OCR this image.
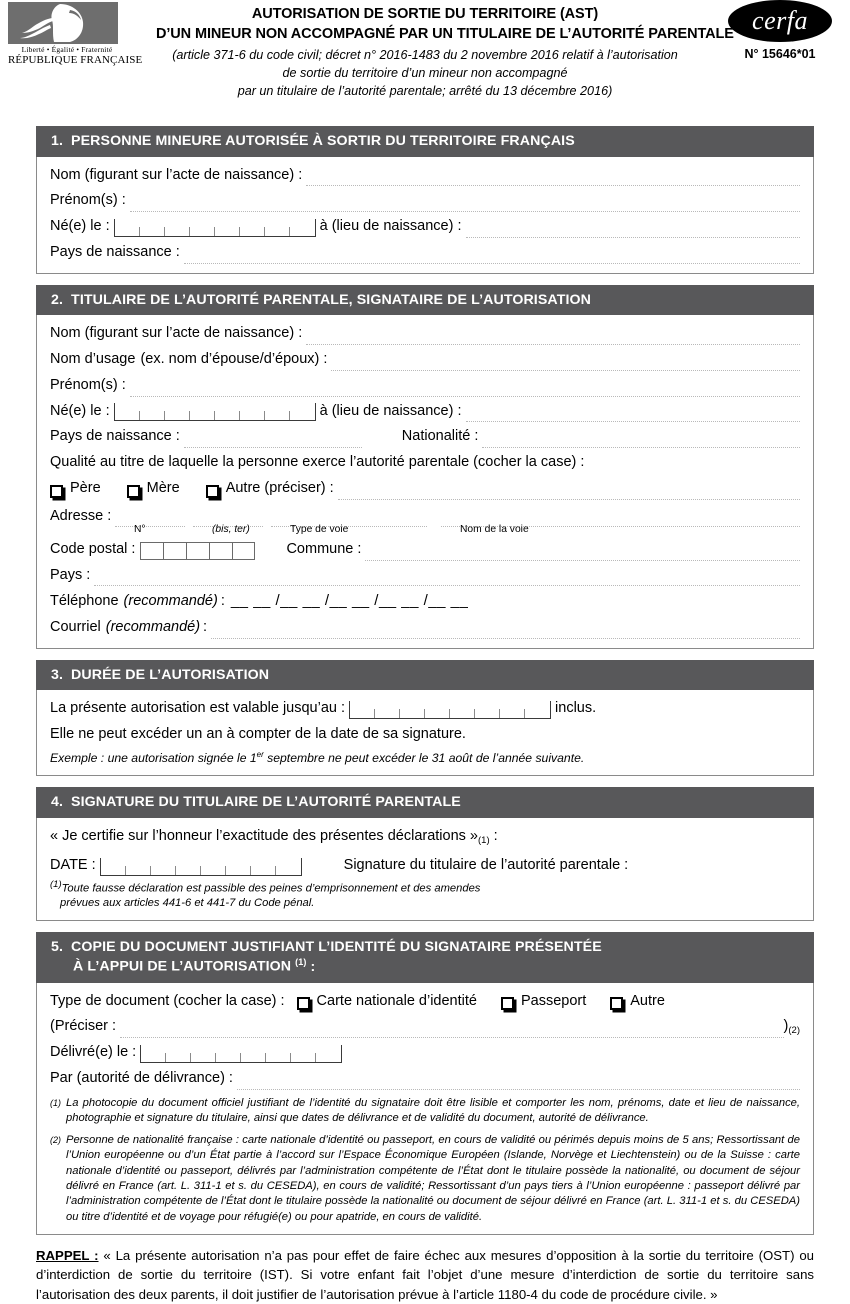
Liberté • Égalité • Fraternité
RÉPUBLIQUE FRANÇAISE
AUTORISATION DE SORTIE DU TERRITOIRE (AST)
D’UN MINEUR NON ACCOMPAGNÉ PAR UN TITULAIRE DE L’AUTORITÉ PARENTALE
(article 371-6 du code civil; décret n° 2016-1483 du 2 novembre 2016 relatif à l’autorisation
de sortie du territoire d’un mineur non accompagné
par un titulaire de l’autorité parentale; arrêté du 13 décembre 2016)
cerfa
N° 15646*01
1. PERSONNE MINEURE AUTORISÉE À SORTIR DU TERRITOIRE FRANÇAIS
Nom (figurant sur l’acte de naissance) :
Prénom(s) :
Né(e) le :	à (lieu de naissance) :
Pays de naissance :
2. TITULAIRE DE L’AUTORITÉ PARENTALE, SIGNATAIRE DE L’AUTORISATION
Nom (figurant sur l’acte de naissance) :
Nom d’usage (ex. nom d’épouse/d’époux) :
Prénom(s) :
Né(e) le :	à (lieu de naissance) :
Pays de naissance :	Nationalité :
Qualité au titre de laquelle la personne exerce l’autorité parentale (cocher la case) :
Père	Mère	Autre (préciser) :
Adresse :
N°	(bis, ter)	Type de voie	Nom de la voie
Code postal :	Commune :
Pays :
Téléphone (recommandé) : __ __ /__ __ /__ __ /__ __ /__ __
Courriel (recommandé) :
3. DURÉE DE L’AUTORISATION
La présente autorisation est valable jusqu’au :	inclus.
Elle ne peut excéder un an à compter de la date de sa signature.
Exemple : une autorisation signée le 1er septembre ne peut excéder le 31 août de l’année suivante.
4. SIGNATURE DU TITULAIRE DE L’AUTORITÉ PARENTALE
« Je certifie sur l’honneur l’exactitude des présentes déclarations » (1) :
DATE :	Signature du titulaire de l’autorité parentale :
$^{(1)}$Toute fausse déclaration est passible des peines d’emprisonnement et des amendes
prévues aux articles 441-6 et 441-7 du Code pénal.
5. COPIE DU DOCUMENT JUSTIFIANT L’IDENTITÉ DU SIGNATAIRE PRÉSENTÉE
À L’APPUI DE L’AUTORISATION $^{(1)}$ :
Type de document (cocher la case) : Carte nationale d’identité	Passeport	Autre
(Préciser :	) (2)
Délivré(e) le :
Par (autorité de délivrance) :
(1) La photocopie du document officiel justifiant de l’identité du signataire doit être lisible et comporter les nom, prénoms, date et lieu de naissance, photographie et signature du titulaire, ainsi que dates de délivrance et de validité du document, autorité de délivrance.
(2) Personne de nationalité française : carte nationale d’identité ou passeport, en cours de validité ou périmés depuis moins de 5 ans; Ressortissant de l’Union européenne ou d’un État partie à l’accord sur l’Espace Économique Européen (Islande, Norvège et Liechtenstein) ou de la Suisse : carte nationale d’identité ou passeport, délivrés par l’administration compétente de l’État dont le titulaire possède la nationalité, ou document de séjour délivré en France (art. L. 311-1 et s. du CESEDA), en cours de validité; Ressortissant d’un pays tiers à l’Union européenne : passeport délivré par l’administration compétente de l’État dont le titulaire possède la nationalité ou document de séjour délivré en France (art. L. 311-1 et s. du CESEDA) ou titre d’identité et de voyage pour réfugié(e) ou pour apatride, en cours de validité.
RAPPEL : « La présente autorisation n’a pas pour effet de faire échec aux mesures d’opposition à la sortie du territoire (OST) ou d’interdiction de sortie du territoire (IST). Si votre enfant fait l’objet d’une mesure d’interdiction de sortie du territoire sans l’autorisation des deux parents, il doit justifier de l’autorisation prévue à l’article 1180-4 du code de procédure civile. »
